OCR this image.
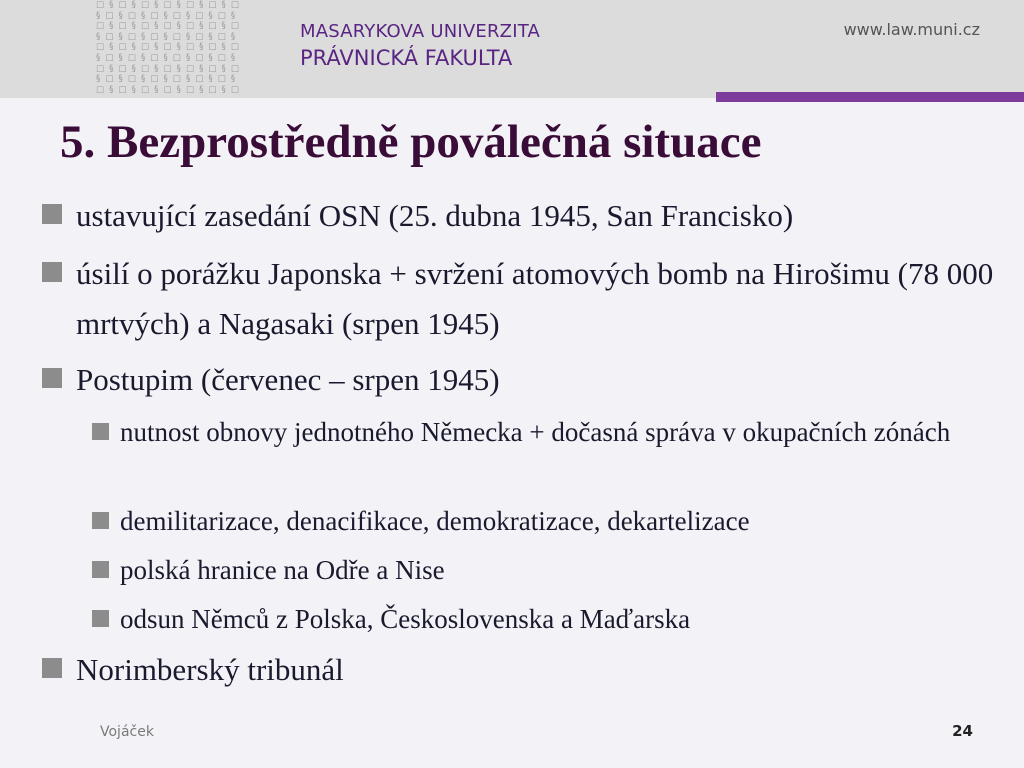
□ § □ § □ § □ § □ § □ § □
§ □ § □ § □ § □ § □ § □ §
□ § □ § □ § □ § □ § □ § □
§ □ § □ § □ § □ § □ § □ §
□ § □ § □ § □ § □ § □ § □
§ □ § □ § □ § □ § □ § □ §
□ § □ § □ § □ § □ § □ § □
§ □ § □ § □ § □ § □ § □ §
□ § □ § □ § □ § □ § □ § □
MASARYKOVA UNIVERZITA
PRÁVNICKÁ FAKULTA
www.law.muni.cz
5. Bezprostředně poválečná situace
ustavující zasedání OSN (25. dubna 1945, San Francisko)
úsilí o porážku Japonska + svržení atomových bomb na Hirošimu (78 000 mrtvých) a Nagasaki (srpen 1945)
Postupim (červenec – srpen 1945)
nutnost obnovy jednotného Německa + dočasná správa v okupačních zónách
demilitarizace, denacifikace, demokratizace, dekartelizace
polská hranice na Odře a Nise
odsun Němců z Polska, Československa a Maďarska
Norimberský tribunál
Vojáček	24
